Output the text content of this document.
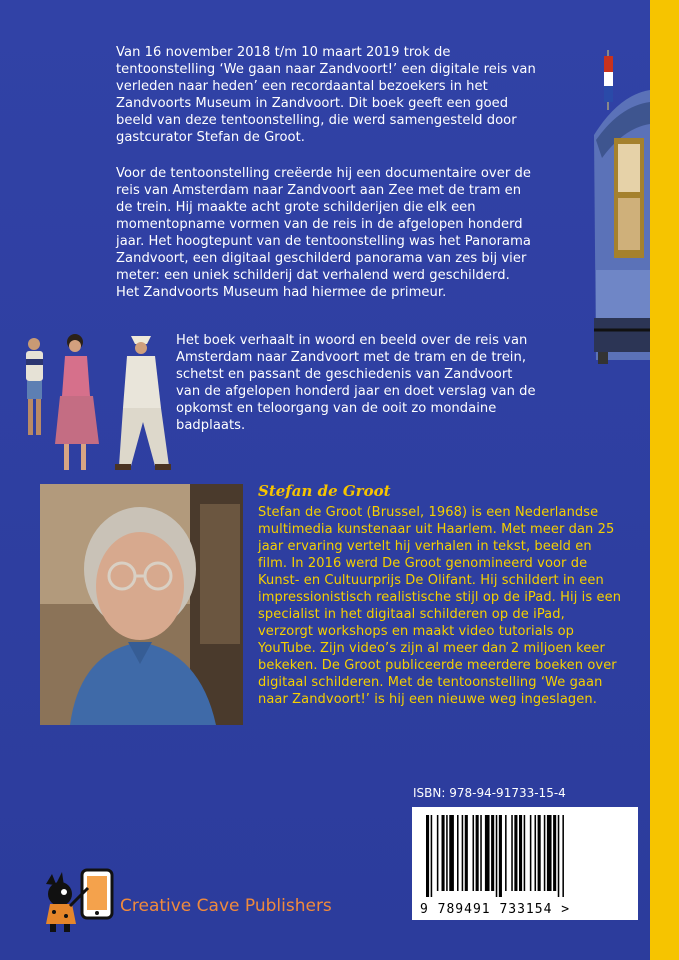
Van 16 november 2018 t/m 10 maart 2019 trok de tentoonstelling ‘We gaan naar Zandvoort!’ een digitale reis van verleden naar heden’ een recordaantal bezoekers in het Zandvoorts Museum in Zandvoort. Dit boek geeft een goed beeld van deze tentoonstelling, die werd samengesteld door gastcurator Stefan de Groot.

Voor de tentoonstelling creëerde hij een documentaire over de reis van Amsterdam naar Zandvoort aan Zee met de tram en de trein. Hij maakte acht grote schilderijen die elk een momentopname vormen van de reis in de afgelopen honderd jaar. Het hoogtepunt van de tentoonstelling was het Panorama Zandvoort, een digitaal geschilderd panorama van zes bij vier meter: een uniek schilderij dat verhalend werd geschilderd. Het Zandvoorts Museum had hiermee de primeur.

Het boek verhaalt in woord en beeld over de reis van Amsterdam naar Zandvoort met de tram en de trein, schetst en passant de geschiedenis van Zandvoort van de afgelopen honderd jaar en doet verslag van de opkomst en teloorgang van de ooit zo mondaine badplaats.

Stefan de Groot

Stefan de Groot (Brussel, 1968) is een Nederlandse multimedia kunstenaar uit Haarlem. Met meer dan 25 jaar ervaring vertelt hij verhalen in tekst, beeld en film. In 2016 werd De Groot genomineerd voor de Kunst- en Cultuurprijs De Olifant. Hij schildert in een impressionistisch realistische stijl op de iPad. Hij is een specialist in het digitaal schilderen op de iPad, verzorgt workshops en maakt video tutorials op YouTube. Zijn video’s zijn al meer dan 2 miljoen keer bekeken. De Groot publiceerde meerdere boeken over digitaal schilderen. Met de tentoonstelling ‘We gaan naar Zandvoort!’ is hij een nieuwe weg ingeslagen.

ISBN: 978-94-91733-15-4
9 789491 733154 >
Creative Cave Publishers
